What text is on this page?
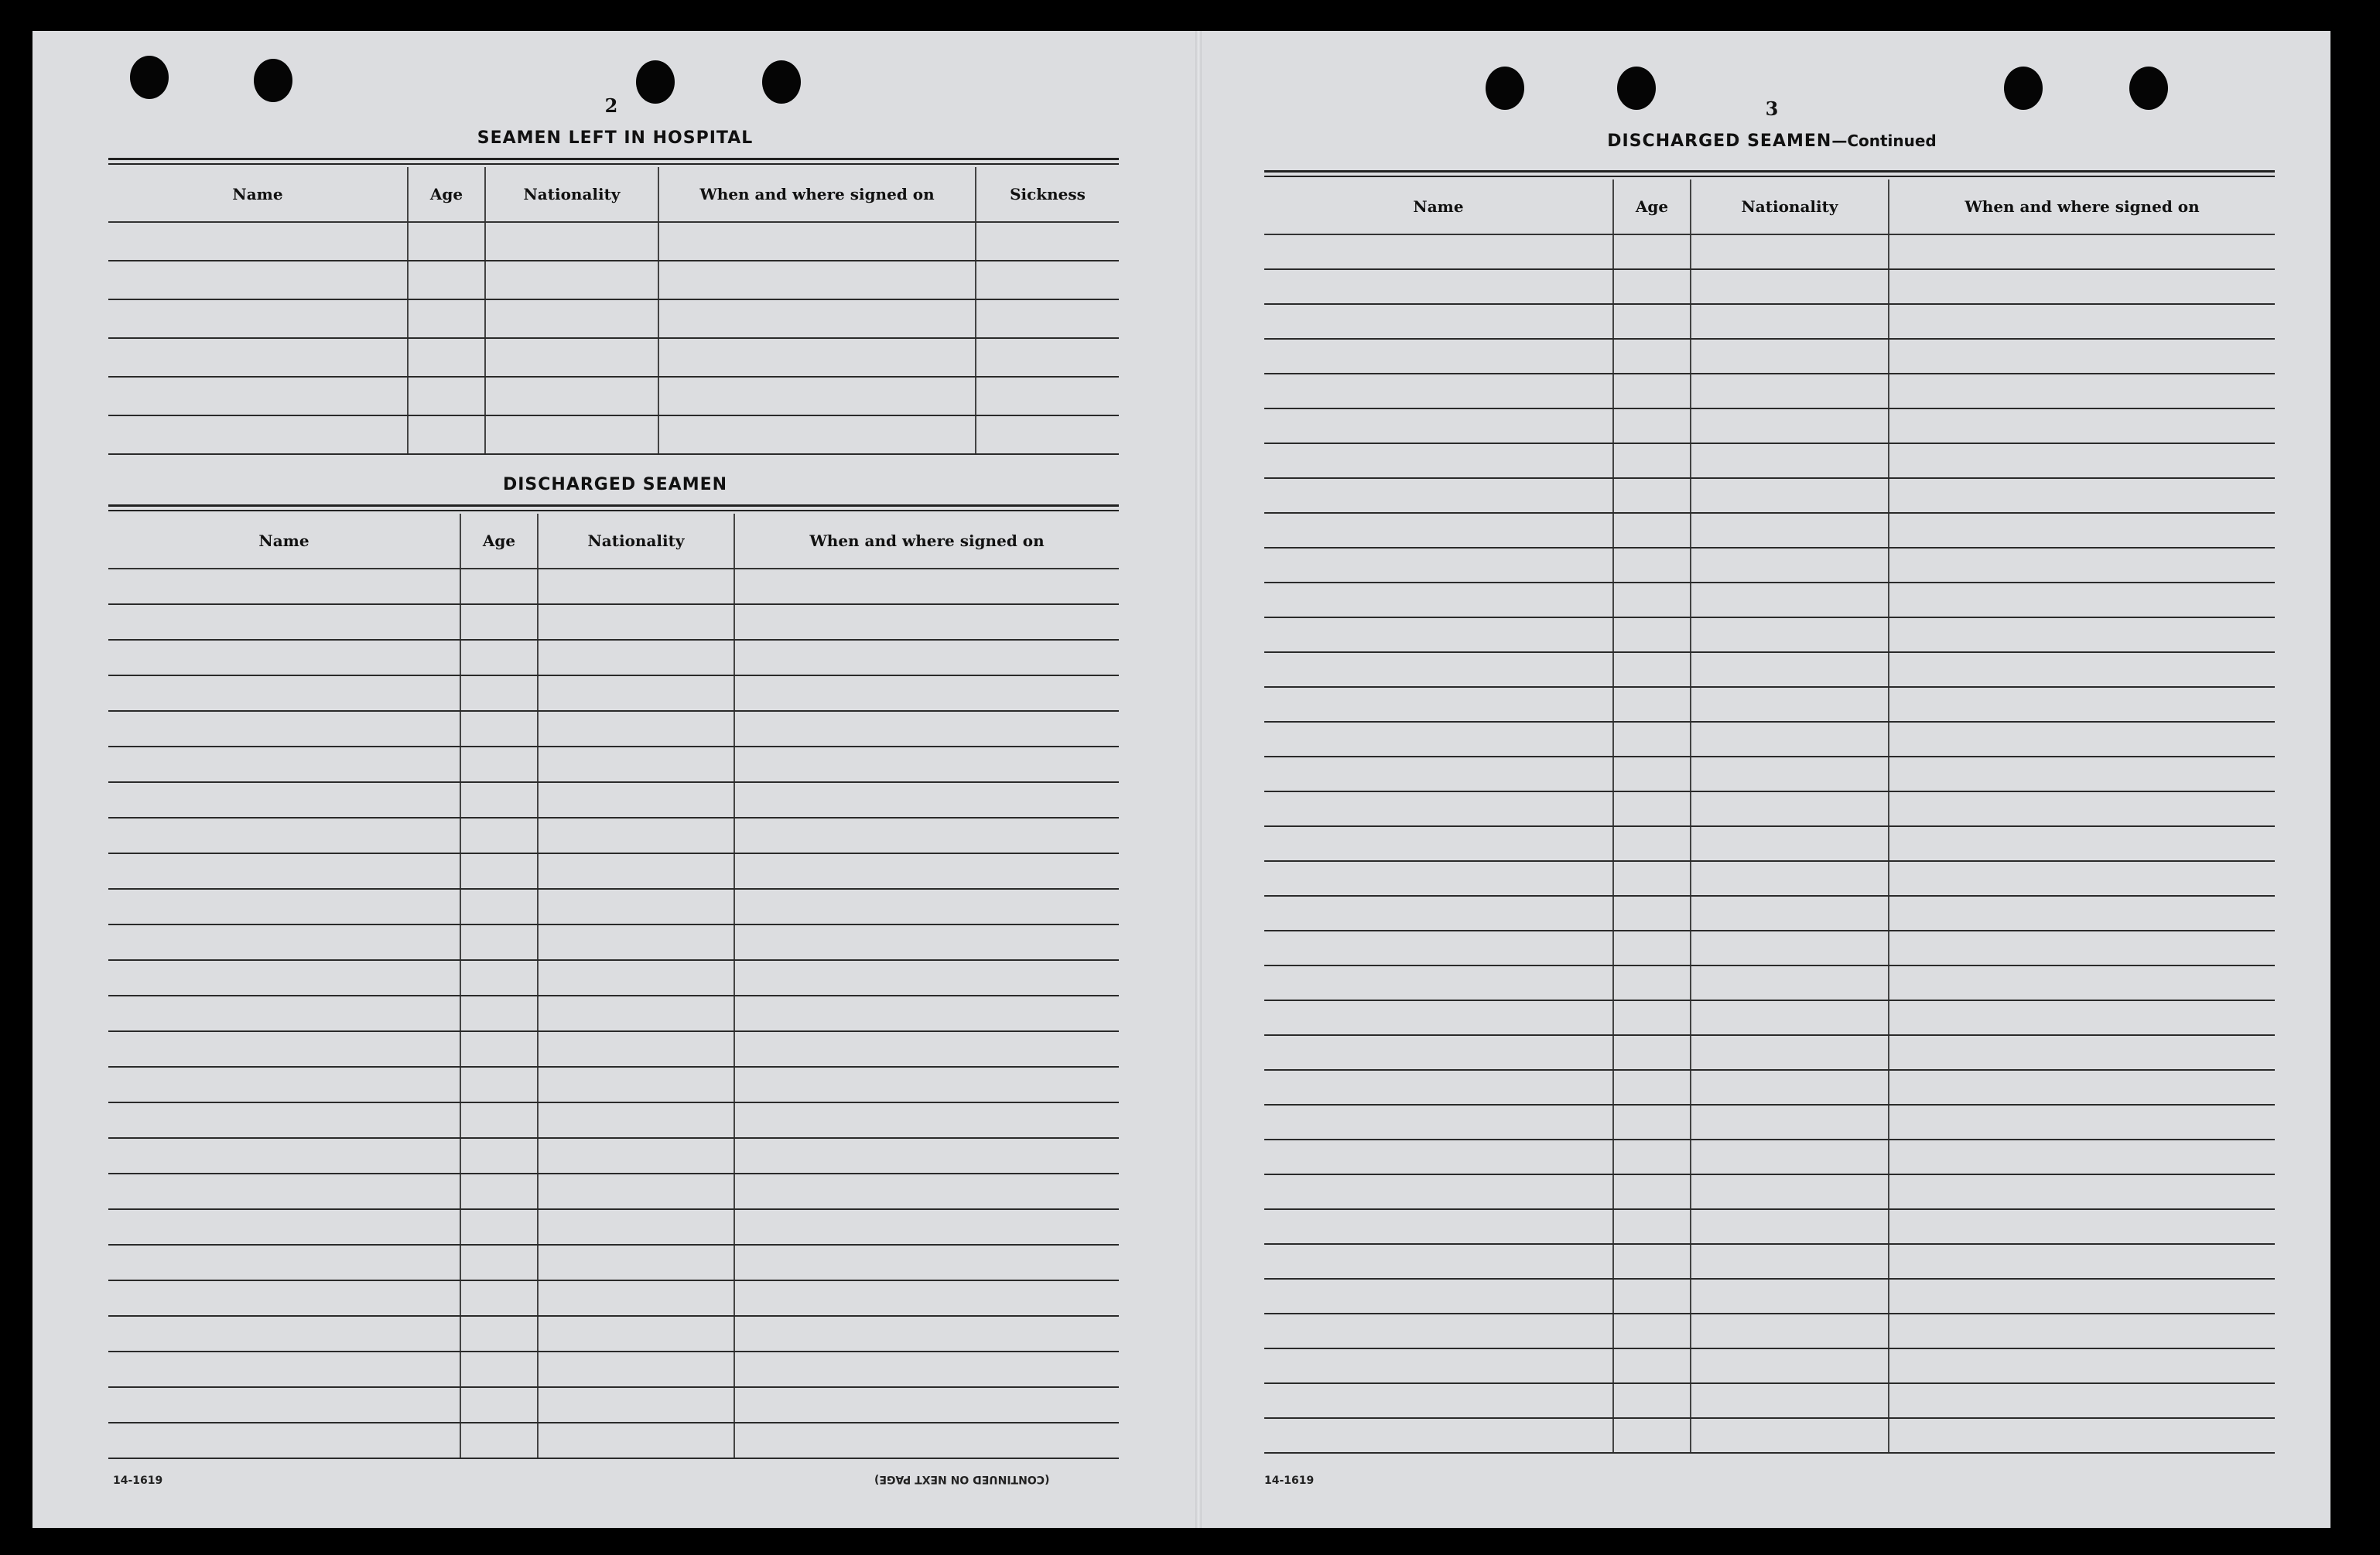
2
SEAMEN LEFT IN HOSPITAL
Name	Age	Nationality	When and where signed on	Sickness
DISCHARGED SEAMEN
Name	Age	Nationality	When and where signed on
14-1619	(CONTINUED ON NEXT PAGE)
3
DISCHARGED SEAMEN—Continued
Name	Age	Nationality	When and where signed on
14-1619
